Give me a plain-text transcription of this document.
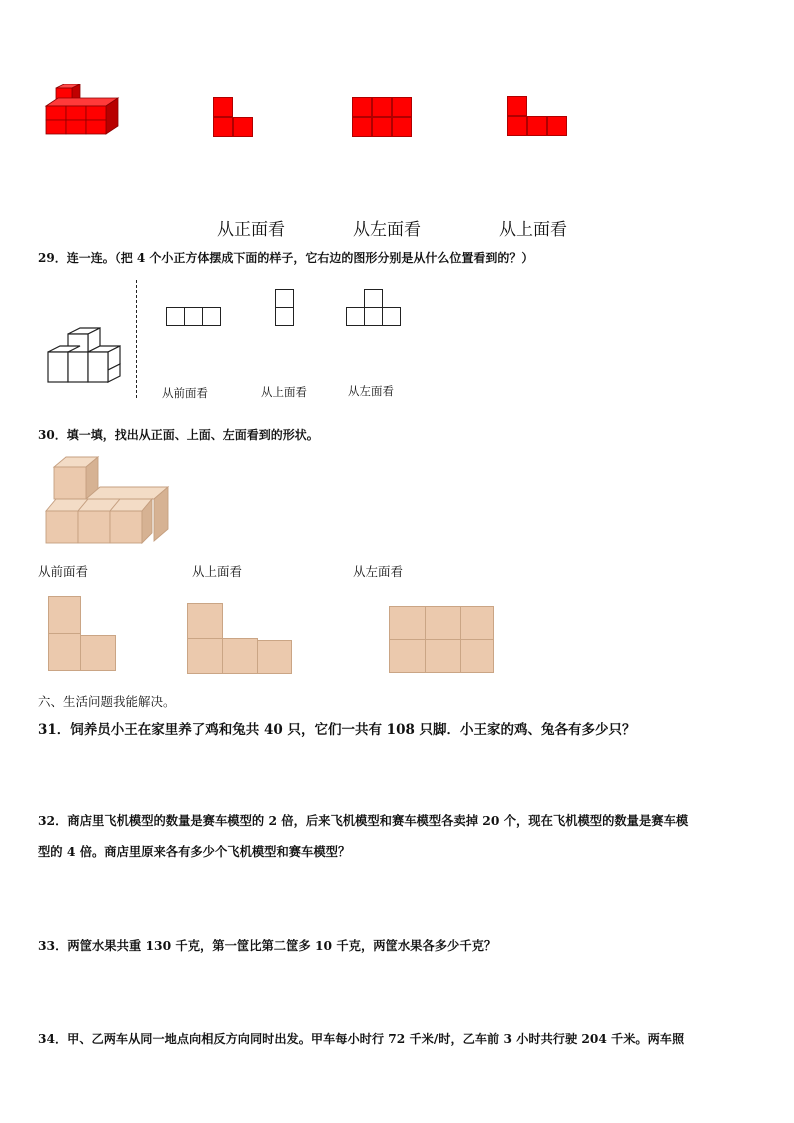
从正面看	从左面看	从上面看
29．连一连。（把 4 个小正方体摆成下面的样子，它右边的图形分别是从什么位置看到的？）
从前面看	从上面看	从左面看
30．填一填，找出从正面、上面、左面看到的形状。
从前面看	从上面看	从左面看
六、生活问题我能解决。
31．饲养员小王在家里养了鸡和兔共 40 只，它们一共有 108 只脚．小王家的鸡、兔各有多少只？
32．商店里飞机模型的数量是赛车模型的 2 倍，后来飞机模型和赛车模型各卖掉 20 个，现在飞机模型的数量是赛车模
型的 4 倍。商店里原来各有多少个飞机模型和赛车模型？
33．两筐水果共重 130 千克，第一筐比第二筐多 10 千克，两筐水果各多少千克？
34．甲、乙两车从同一地点向相反方向同时出发。甲车每小时行 72 千米/时，乙车前 3 小时共行驶 204 千米。两车照
